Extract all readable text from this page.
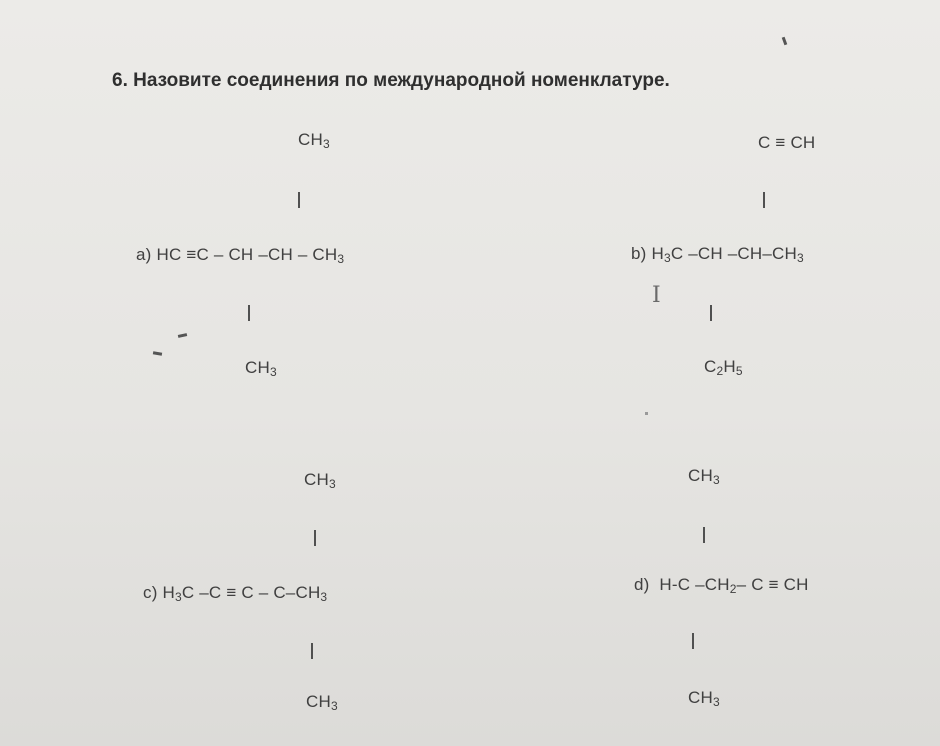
6. Назовите соединения по международной номенклатуре.
$CH_3$
a) HC ≡C – CH $-CH - CH_3$
$CH_3$
C ≡ CH
b) $H_3C$ –CH $-CH-CH_3$
I
$C_2H_5$
$CH_3$
c) $H_3C$ $-C \equiv C - C-CH_3$
$CH_3$
$CH_3$
d) H-C $-CH_2-$ C ≡ CH
$CH_3$
